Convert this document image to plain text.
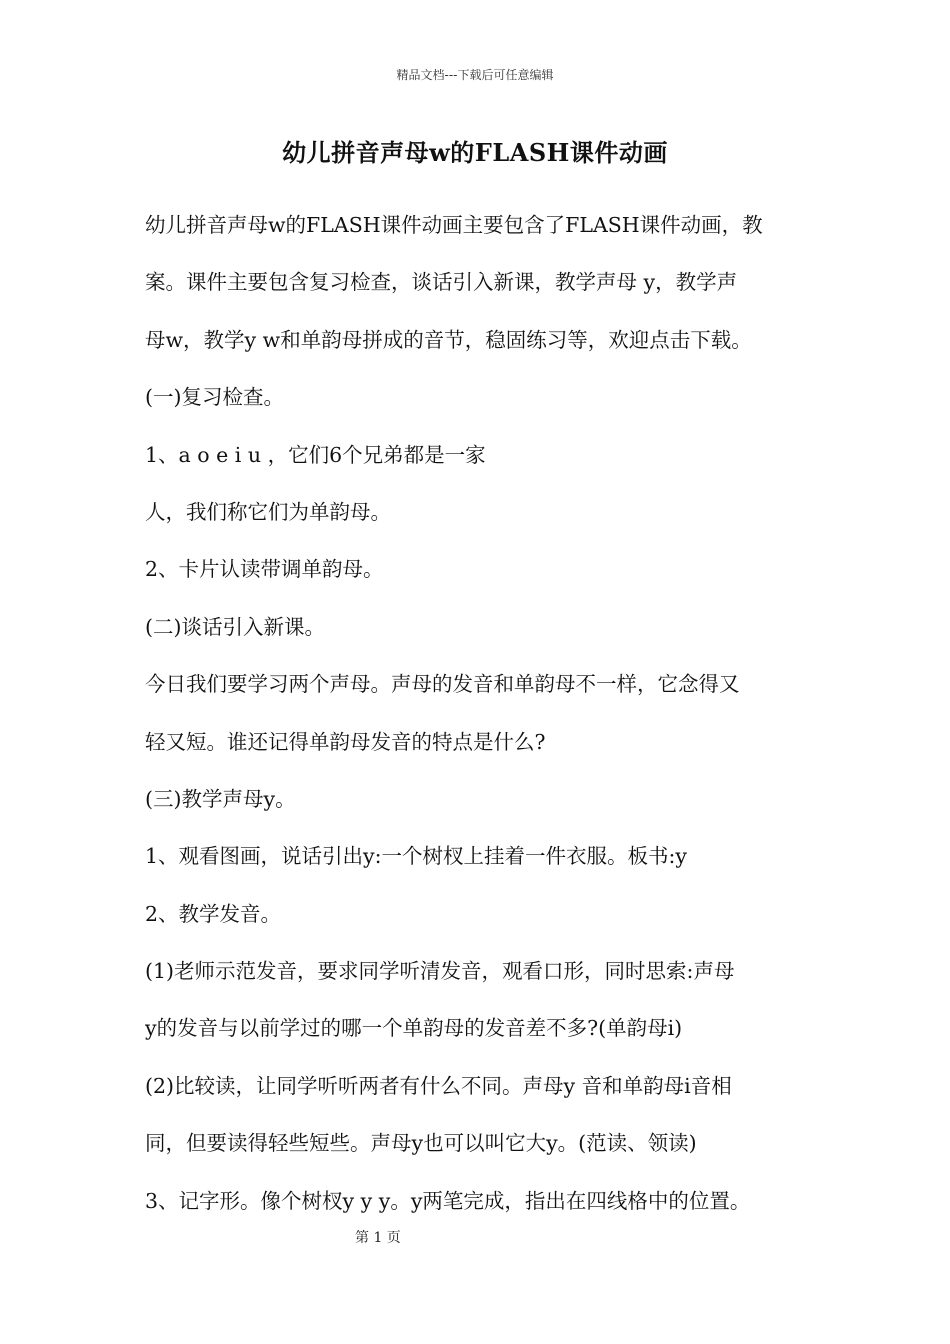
精品文档---下载后可任意编辑
幼儿拼音声母w的FLASH课件动画
幼儿拼音声母w的FLASH课件动画主要包含了FLASH课件动画，教
案。课件主要包含复习检查，谈话引入新课，教学声母 y，教学声
母w，教学y w和单韵母拼成的音节，稳固练习等，欢迎点击下载。
(一)复习检查。
1、a o e i u ，它们6个兄弟都是一家
人，我们称它们为单韵母。
2、卡片认读带调单韵母。
(二)谈话引入新课。
今日我们要学习两个声母。声母的发音和单韵母不一样，它念得又
轻又短。谁还记得单韵母发音的特点是什么?
(三)教学声母y。
1、观看图画，说话引出y:一个树杈上挂着一件衣服。板书:y
2、教学发音。
(1)老师示范发音，要求同学听清发音，观看口形，同时思索:声母
y的发音与以前学过的哪一个单韵母的发音差不多?(单韵母i)
(2)比较读，让同学听听两者有什么不同。声母y 音和单韵母i音相
同，但要读得轻些短些。声母y也可以叫它大y。(范读、领读)
3、记字形。像个树杈y y y。y两笔完成，指出在四线格中的位置。
第 1 页
